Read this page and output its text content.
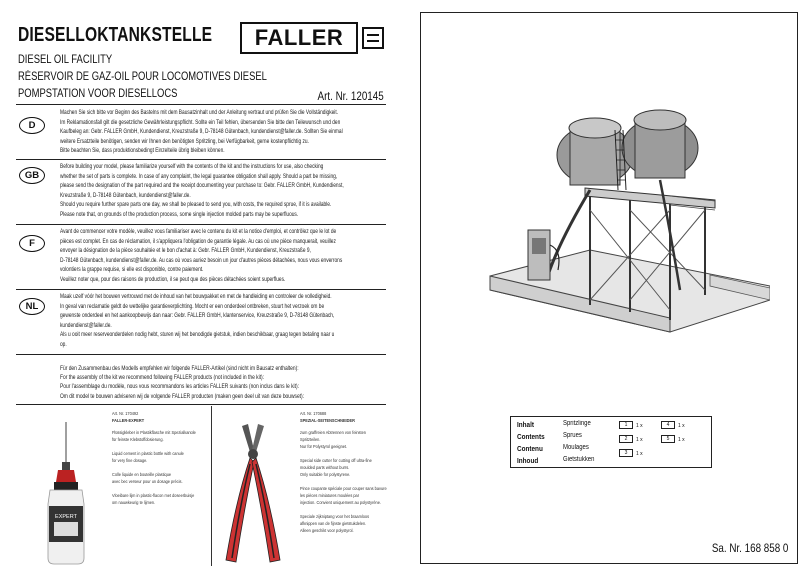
DIESELLOKTANKSTELLE
DIESEL OIL FACILITY
RÉSERVOIR DE GAZ-OIL POUR LOCOMOTIVES DIESEL
POMPSTATION VOOR DIESELLOCS
FALLER
Art. Nr. 120145
D

Machen Sie sich bitte vor Beginn des Bastelns mit dem Bausatzinhalt und der Anleitung vertraut und prüfen Sie die Vollständigkeit.

Im Reklamationsfall gilt die gesetzliche Gewährleistungspflicht. Sollte ein Teil fehlen, übersenden Sie bitte den Teilewunsch und den

Kaufbeleg an: Gebr. FALLER GmbH, Kundendienst, Kreuzstraße 9, D-78148 Gütenbach, kundendienst@faller.de. Sollten Sie einmal

weitere Ersatzteile benötigen, senden wir Ihnen den benötigten Spritzling, bei Verfügbarkeit, gerne kostenpflichtig zu.

Bitte beachten Sie, dass produktionsbedingt Einzelteile übrig bleiben können.

GB

Before building your model, please familiarize yourself with the contents of the kit and the instructions for use, also checking

whether the set of parts is complete. In case of any complaint, the legal guarantee obligation shall apply. Should a part be missing,

please send the designation of the part required and the receipt documenting your purchase to: Gebr. FALLER GmbH, Kundendienst,

Kreuzstraße 9, D-78148 Gütenbach, kundendienst@faller.de.

Should you require further spare parts one day, we shall be pleased to send you, with costs, the required sprue, if it is available.

Please note that, on grounds of the production process, some single injection molded parts may be superfluous.

F

Avant de commencer votre modèle, veuillez vous familiariser avec le contenu du kit et la notice d'emploi, et contrôlez que le lot de

pièces est complet. En cas de réclamation, il s'appliquera l'obligation de garantie légale. Au cas où une pièce manquerait, veuillez

envoyer la désignation de la pièce souhaitée et le bon d'achat à: Gebr. FALLER GmbH, Kundendienst, Kreuzstraße 9,

D-78148 Gütenbach, kundendienst@faller.de. Au cas où vous auriez besoin un jour d'autres pièces détachées, nous vous enverrons

volontiers la grappe requise, si elle est disponible, contre paiement.

Veuillez noter que, pour des raisons de production, il se peut que des pièces détachées soient superflues.

NL

Maak uzelf vóór het bouwen vertrouwd met de inhoud van het bouwpakket en met de handleiding en controleer de volledigheid.

In geval van reclamatie geldt de wettelijke garantieverplichting. Mocht er een onderdeel ontbreken, stuurt het verzoek om be

gewenste onderdeel en het aankoopbewijs dan naar: Gebr. FALLER GmbH, klantenservice, Kreuzstraße 9, D-78148 Gütenbach,

kundendienst@faller.de.

Als u ooit meer reserveonderdelen nodig hebt, sturen wij het benodigde gietstuk, indien beschikbaar, graag tegen betaling naar u

op.

Für den Zusammenbau des Modells empfehlen wir folgende FALLER-Artikel (sind nicht im Bausatz enthalten):

For the assembly of the kit we recommend following FALLER products (not included in the kit):

Pour l'assemblage du modèle, nous vous recommandons les articles FALLER suivants (non inclus dans le kit):

Om dit model te bouwen adviseren wij de volgende FALLER producten (maken geen deel uit van deze bouwset):

EXPERT
Art. Nr. 170492
FALLER-EXPERT
Flüssigkleber in Plastikflasche mit Spezialkanüle
für feinste Klebstoffdosierung.
Liquid cement in plastic bottle with canule
for very fine dosage.
Colle liquide en bouteille plastique
avec bec verseur pour un dosage précis.
Vloeibare lijm in plastic-flacon met doseerbuisje
om nauwkeurig te lijmen.
Art. Nr. 170688
SPEZIAL-SEITENSCHNEIDER
zum graffreien Abtrennen von feinsten
Spritzteilen.
Nur für Polystyrol geeignet.
Special side cutter for cutting off ultra-fine
moulded parts without burrs.
Only suitable for polystyrene.
Pince coupante spéciale pour couper sans bavure
les pièces miniatures moulées par
injection. Convient uniquement au polystyrène.
Speciale zijkniptang voor het braamloos
afknippen van de fijnste gietstukdelen.
Alleen geschikt voor polystyrol.
Inhalt	Spritzlinge
Contents	Sprues
Contenu	Moulages
Inhoud	Gietstukken
1	1 x	4	1 x
2	1 x	5	1 x
3	1 x
Sa. Nr. 168 858 0
